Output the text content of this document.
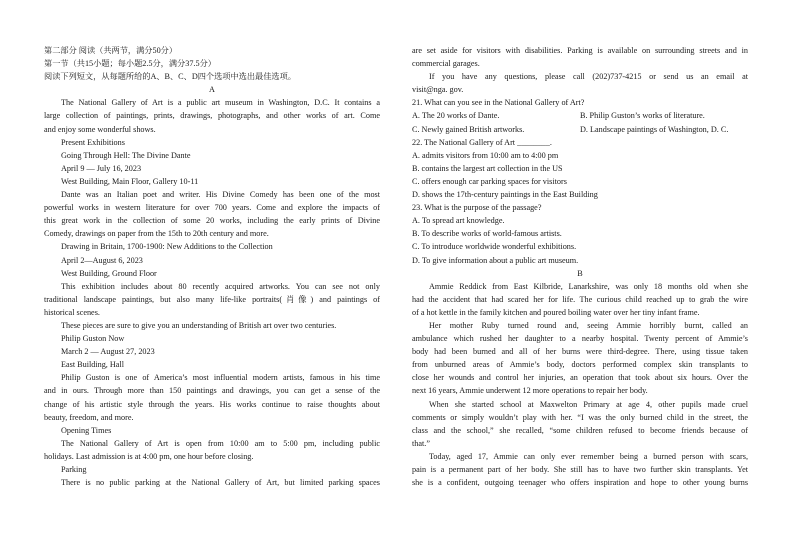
第二部分 阅读（共两节，满分50分）
第一节（共15小题；每小题2.5分，满分37.5分）
阅读下列短文，从每题所给的A、B、C、D四个选项中选出最佳选项。
A
The National Gallery of Art is a public art museum in Washington, D.C. It contains a
large collection of paintings, prints, drawings, photographs, and other works of art. Come
and enjoy some wonderful shows.
Present Exhibitions
Going Through Hell: The Divine Dante
April 9 — July 16, 2023
West Building, Main Floor, Gallery 10-11
Dante was an Italian poet and writer. His Divine Comedy has been one of the most
powerful works in western literature for over 700 years. Come and explore the impacts of
this great work in the collection of some 20 works, including the early prints of Divine
Comedy, drawings on paper from the 15th to 20th century and more.
Drawing in Britain, 1700-1900: New Additions to the Collection
April 2—August 6, 2023
West Building, Ground Floor
This exhibition includes about 80 recently acquired artworks. You can see not only
traditional landscape paintings, but also many life-like portraits(肖像) and paintings of
historical scenes.
These pieces are sure to give you an understanding of British art over two centuries.
Philip Guston Now
March 2 — August 27, 2023
East Building, Hall
Philip Guston is one of America’s most influential modern artists, famous in his time
and in ours. Through more than 150 paintings and drawings, you can get a sense of the
change of his artistic style through the years. His works continue to raise thoughts about
beauty, freedom, and more.
Opening Times
The National Gallery of Art is open from 10:00 am to 5:00 pm, including public
holidays. Last admission is at 4:00 pm, one hour before closing.
Parking
There is no public parking at the National Gallery of Art, but limited parking spaces
are set aside for visitors with disabilities. Parking is available on surrounding streets and in
commercial garages.
If you have any questions, please call (202)737-4215 or send us an email at
visit@nga. gov.
21. What can you see in the National Gallery of Art?
A. The 20 works of Dante.	B. Philip Guston’s works of literature.
C. Newly gained British artworks.	D. Landscape paintings of Washington, D. C.
22. The National Gallery of Art ________.
A. admits visitors from 10:00 am to 4:00 pm
B. contains the largest art collection in the US
C. offers enough car parking spaces for visitors
D. shows the 17th-century paintings in the East Building
23. What is the purpose of the passage?
A. To spread art knowledge.
B. To describe works of world-famous artists.
C. To introduce worldwide wonderful exhibitions.
D. To give information about a public art museum.
B
Ammie Reddick from East Kilbride, Lanarkshire, was only 18 months old when she
had the accident that had scared her for life. The curious child reached up to grab the wire
of a hot kettle in the family kitchen and poured boiling water over her tiny infant frame.
Her mother Ruby turned round and, seeing Ammie horribly burnt, called an
ambulance which rushed her daughter to a nearby hospital. Twenty percent of Ammie’s
body had been burned and all of her burns were third-degree. There, using tissue taken
from unburned areas of Ammie’s body, doctors performed complex skin transplants to
close her wounds and control her injuries, an operation that took about six hours. Over the
next 16 years, Ammie underwent 12 more operations to repair her body.
When she started school at Maxwelton Primary at age 4, other pupils made cruel
comments or simply wouldn’t play with her. “I was the only burned child in the street, the
class and the school,” she recalled, “some children refused to become friends because of
that.”
Today, aged 17, Ammie can only ever remember being a burned person with scars,
pain is a permanent part of her body. She still has to have two further skin transplants. Yet
she is a confident, outgoing teenager who offers inspiration and hope to other young burns
